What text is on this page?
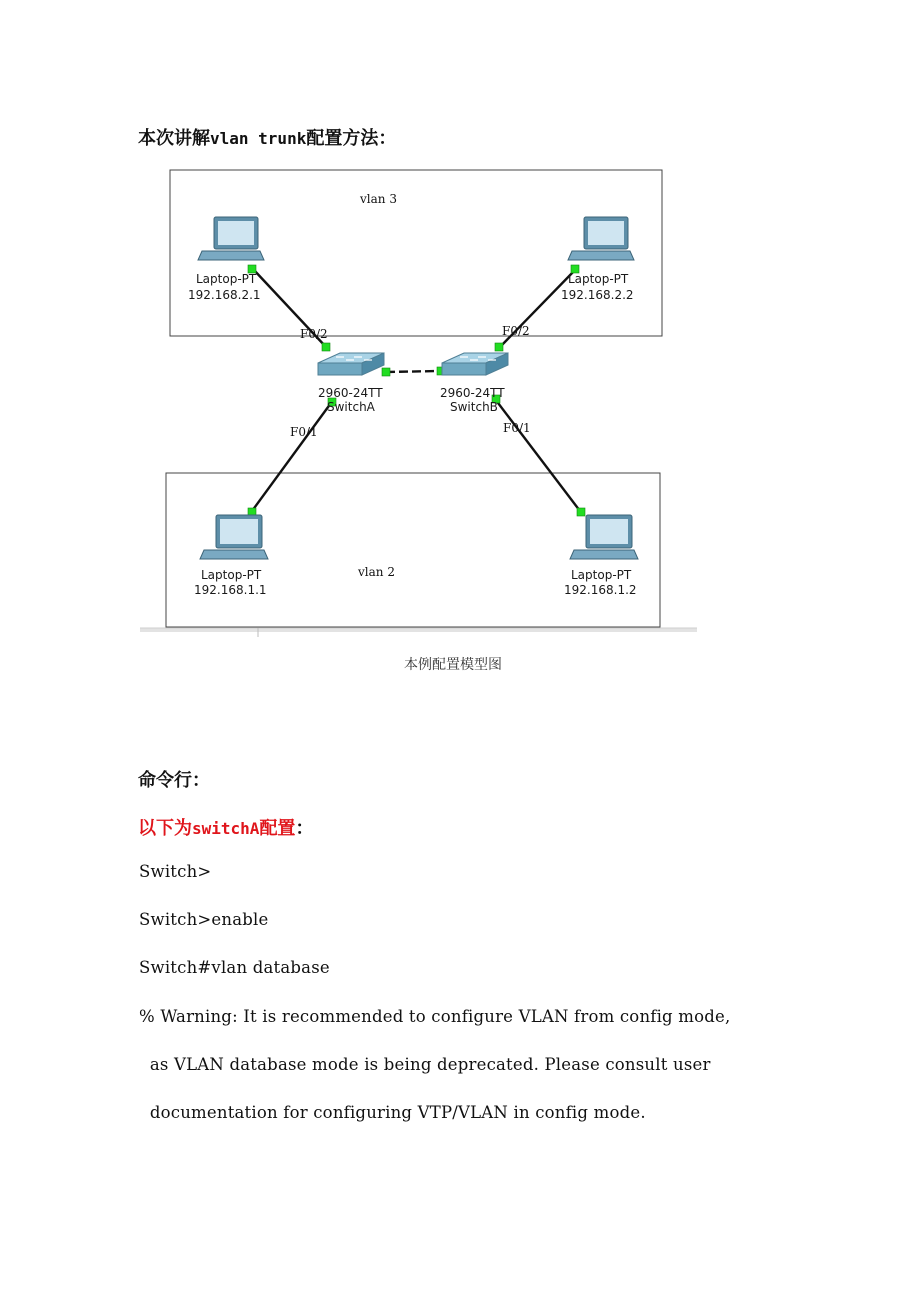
本次讲解vlan trunk配置方法：
vlan 3
vlan 2
2960-24TT
SwitchA
2960-24TT
SwitchB
F0/2
F0/1
F0/2
F0/1
Laptop-PT
192.168.2.1
Laptop-PT
192.168.2.2
Laptop-PT
192.168.1.1
Laptop-PT
192.168.1.2
本例配置模型图
命令行：
以下为switchA配置：
Switch>
Switch>enable
Switch#vlan database
% Warning: It is recommended to configure VLAN from config mode,
as VLAN database mode is being deprecated. Please consult user
documentation for configuring VTP/VLAN in config mode.
